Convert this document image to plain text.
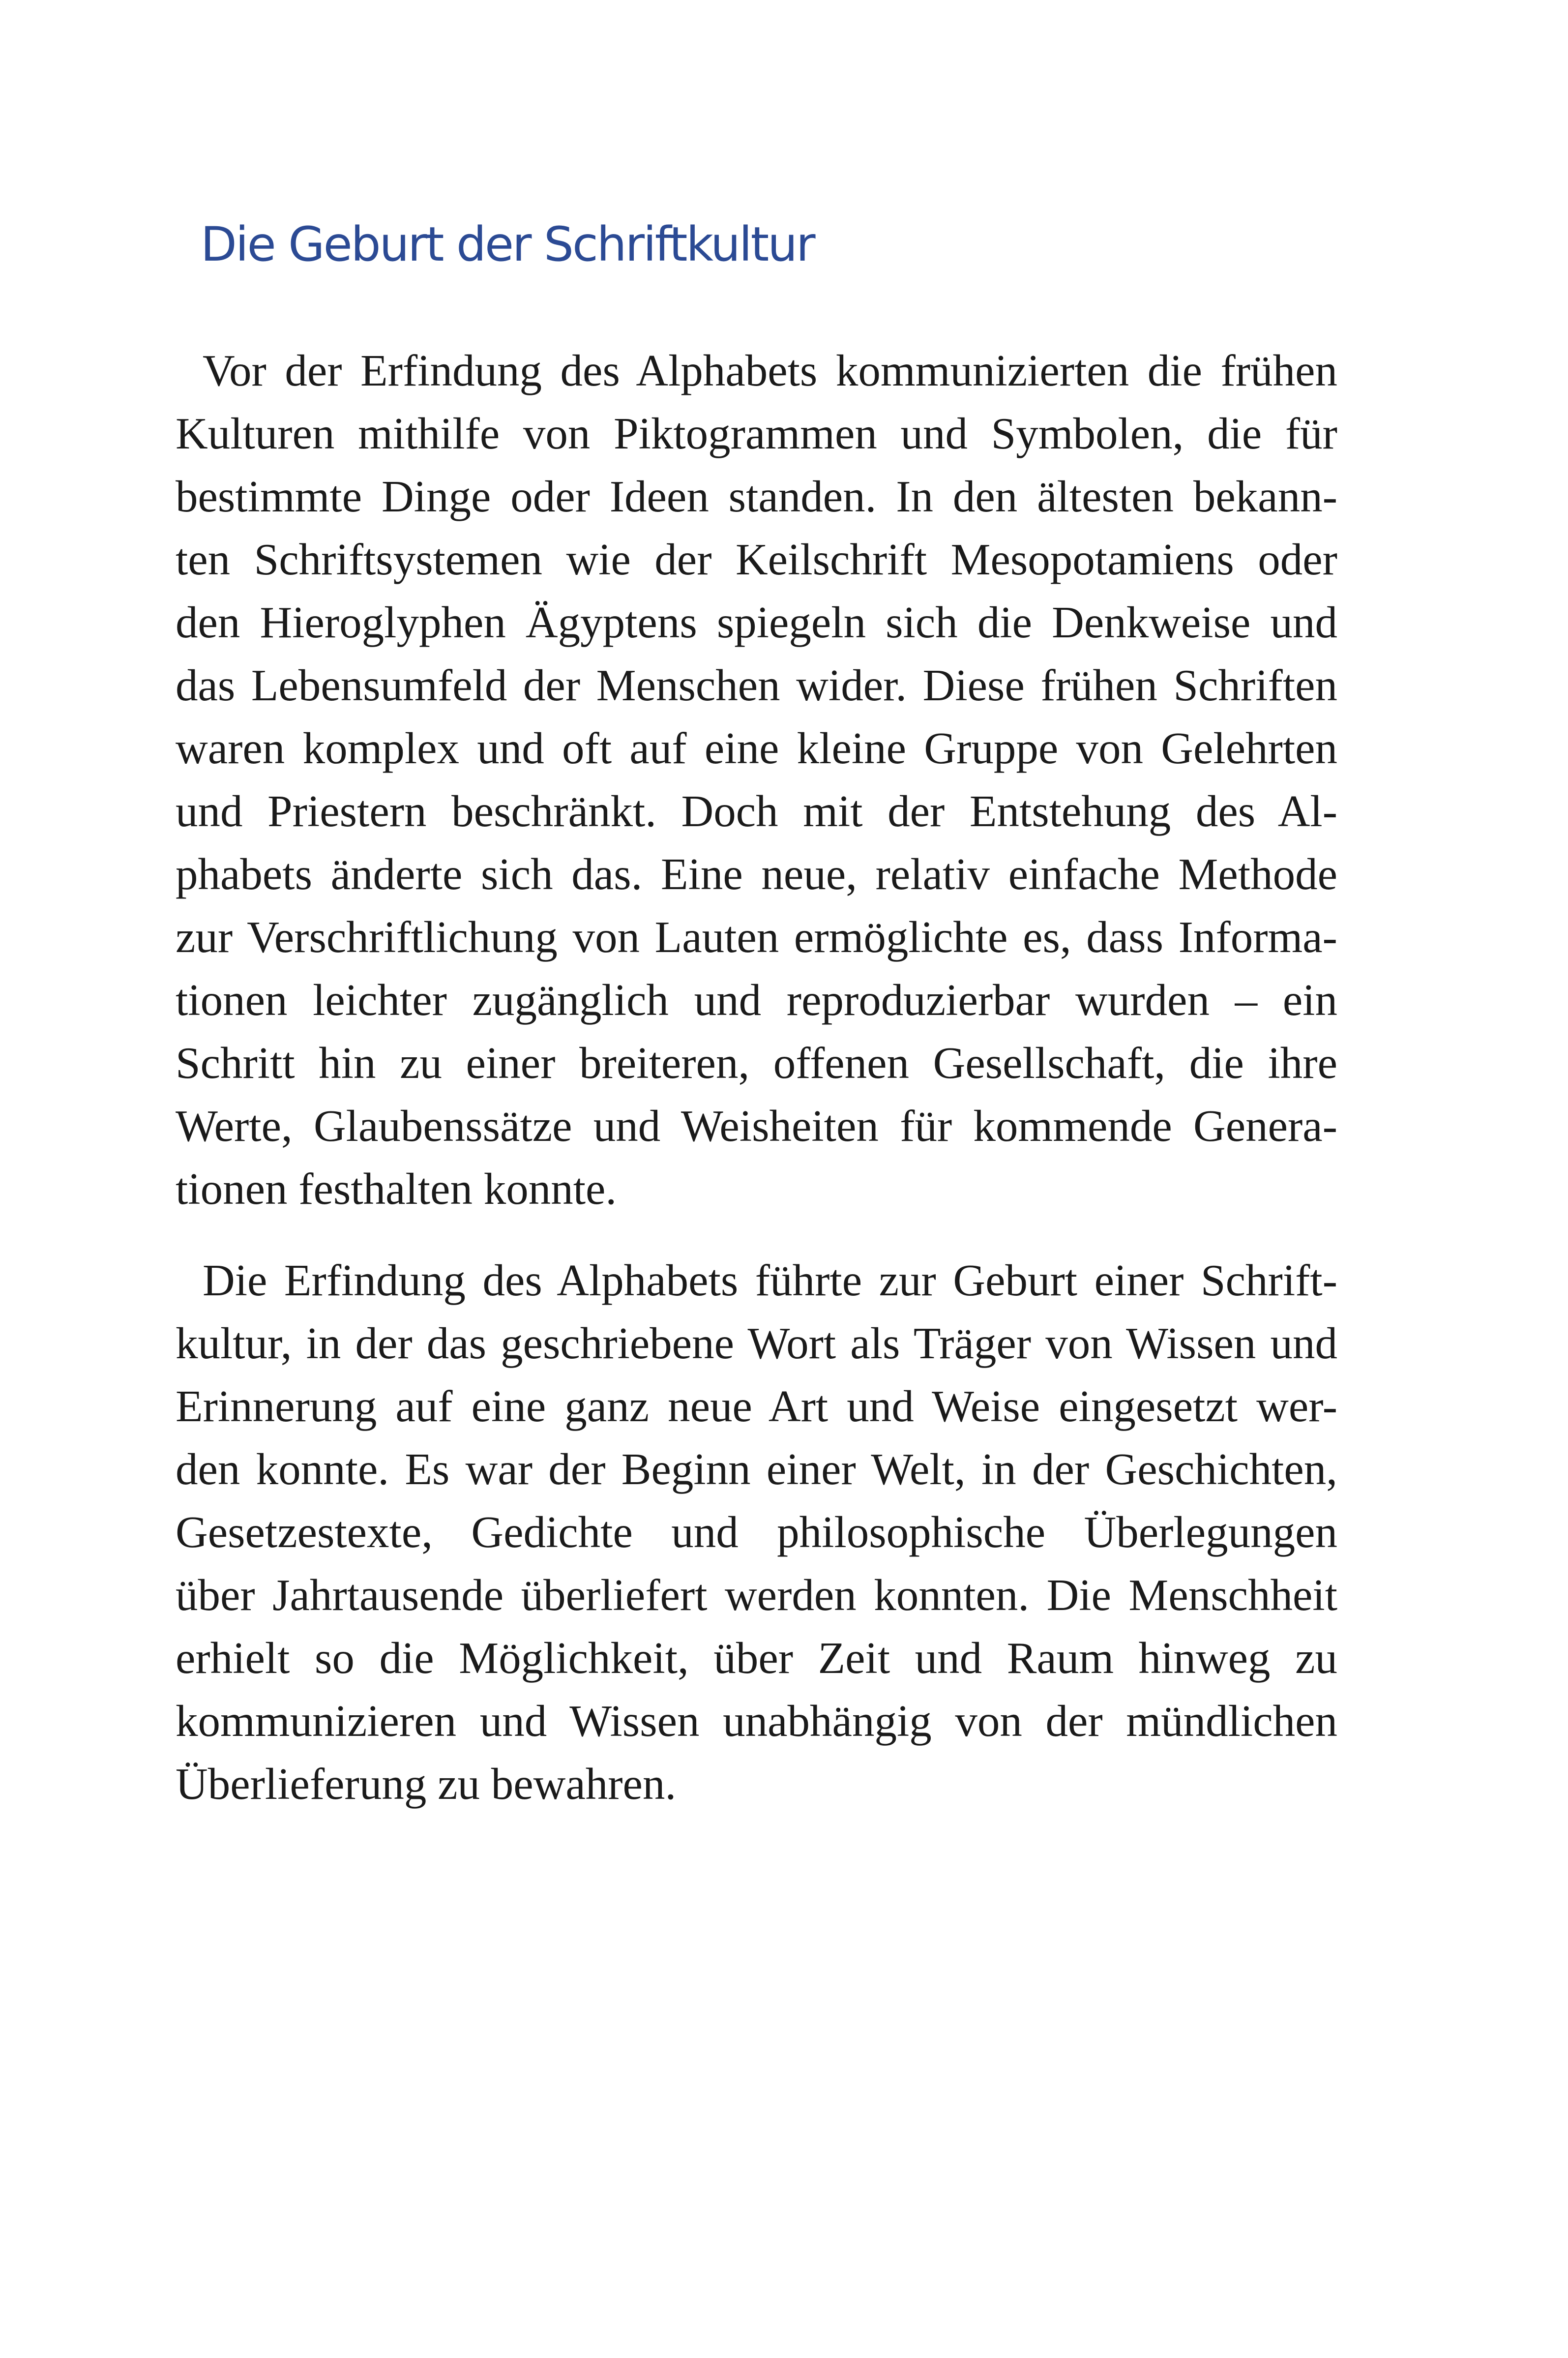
Die Geburt der Schriftkultur
Vor der Erfindung des Alphabets kommunizierten die frühen
Kulturen mithilfe von Piktogrammen und Symbolen, die für
bestimmte Dinge oder Ideen standen. In den ältesten bekann-
ten Schriftsystemen wie der Keilschrift Mesopotamiens oder
den Hieroglyphen Ägyptens spiegeln sich die Denkweise und
das Lebensumfeld der Menschen wider. Diese frühen Schriften
waren komplex und oft auf eine kleine Gruppe von Gelehrten
und Priestern beschränkt. Doch mit der Entstehung des Al-
phabets änderte sich das. Eine neue, relativ einfache Methode
zur Verschriftlichung von Lauten ermöglichte es, dass Informa-
tionen leichter zugänglich und reproduzierbar wurden – ein
Schritt hin zu einer breiteren, offenen Gesellschaft, die ihre
Werte, Glaubenssätze und Weisheiten für kommende Genera-
tionen festhalten konnte.
Die Erfindung des Alphabets führte zur Geburt einer Schrift-
kultur, in der das geschriebene Wort als Träger von Wissen und
Erinnerung auf eine ganz neue Art und Weise eingesetzt wer-
den konnte. Es war der Beginn einer Welt, in der Geschichten,
Gesetzestexte, Gedichte und philosophische Überlegungen
über Jahrtausende überliefert werden konnten. Die Menschheit
erhielt so die Möglichkeit, über Zeit und Raum hinweg zu
kommunizieren und Wissen unabhängig von der mündlichen
Überlieferung zu bewahren.
